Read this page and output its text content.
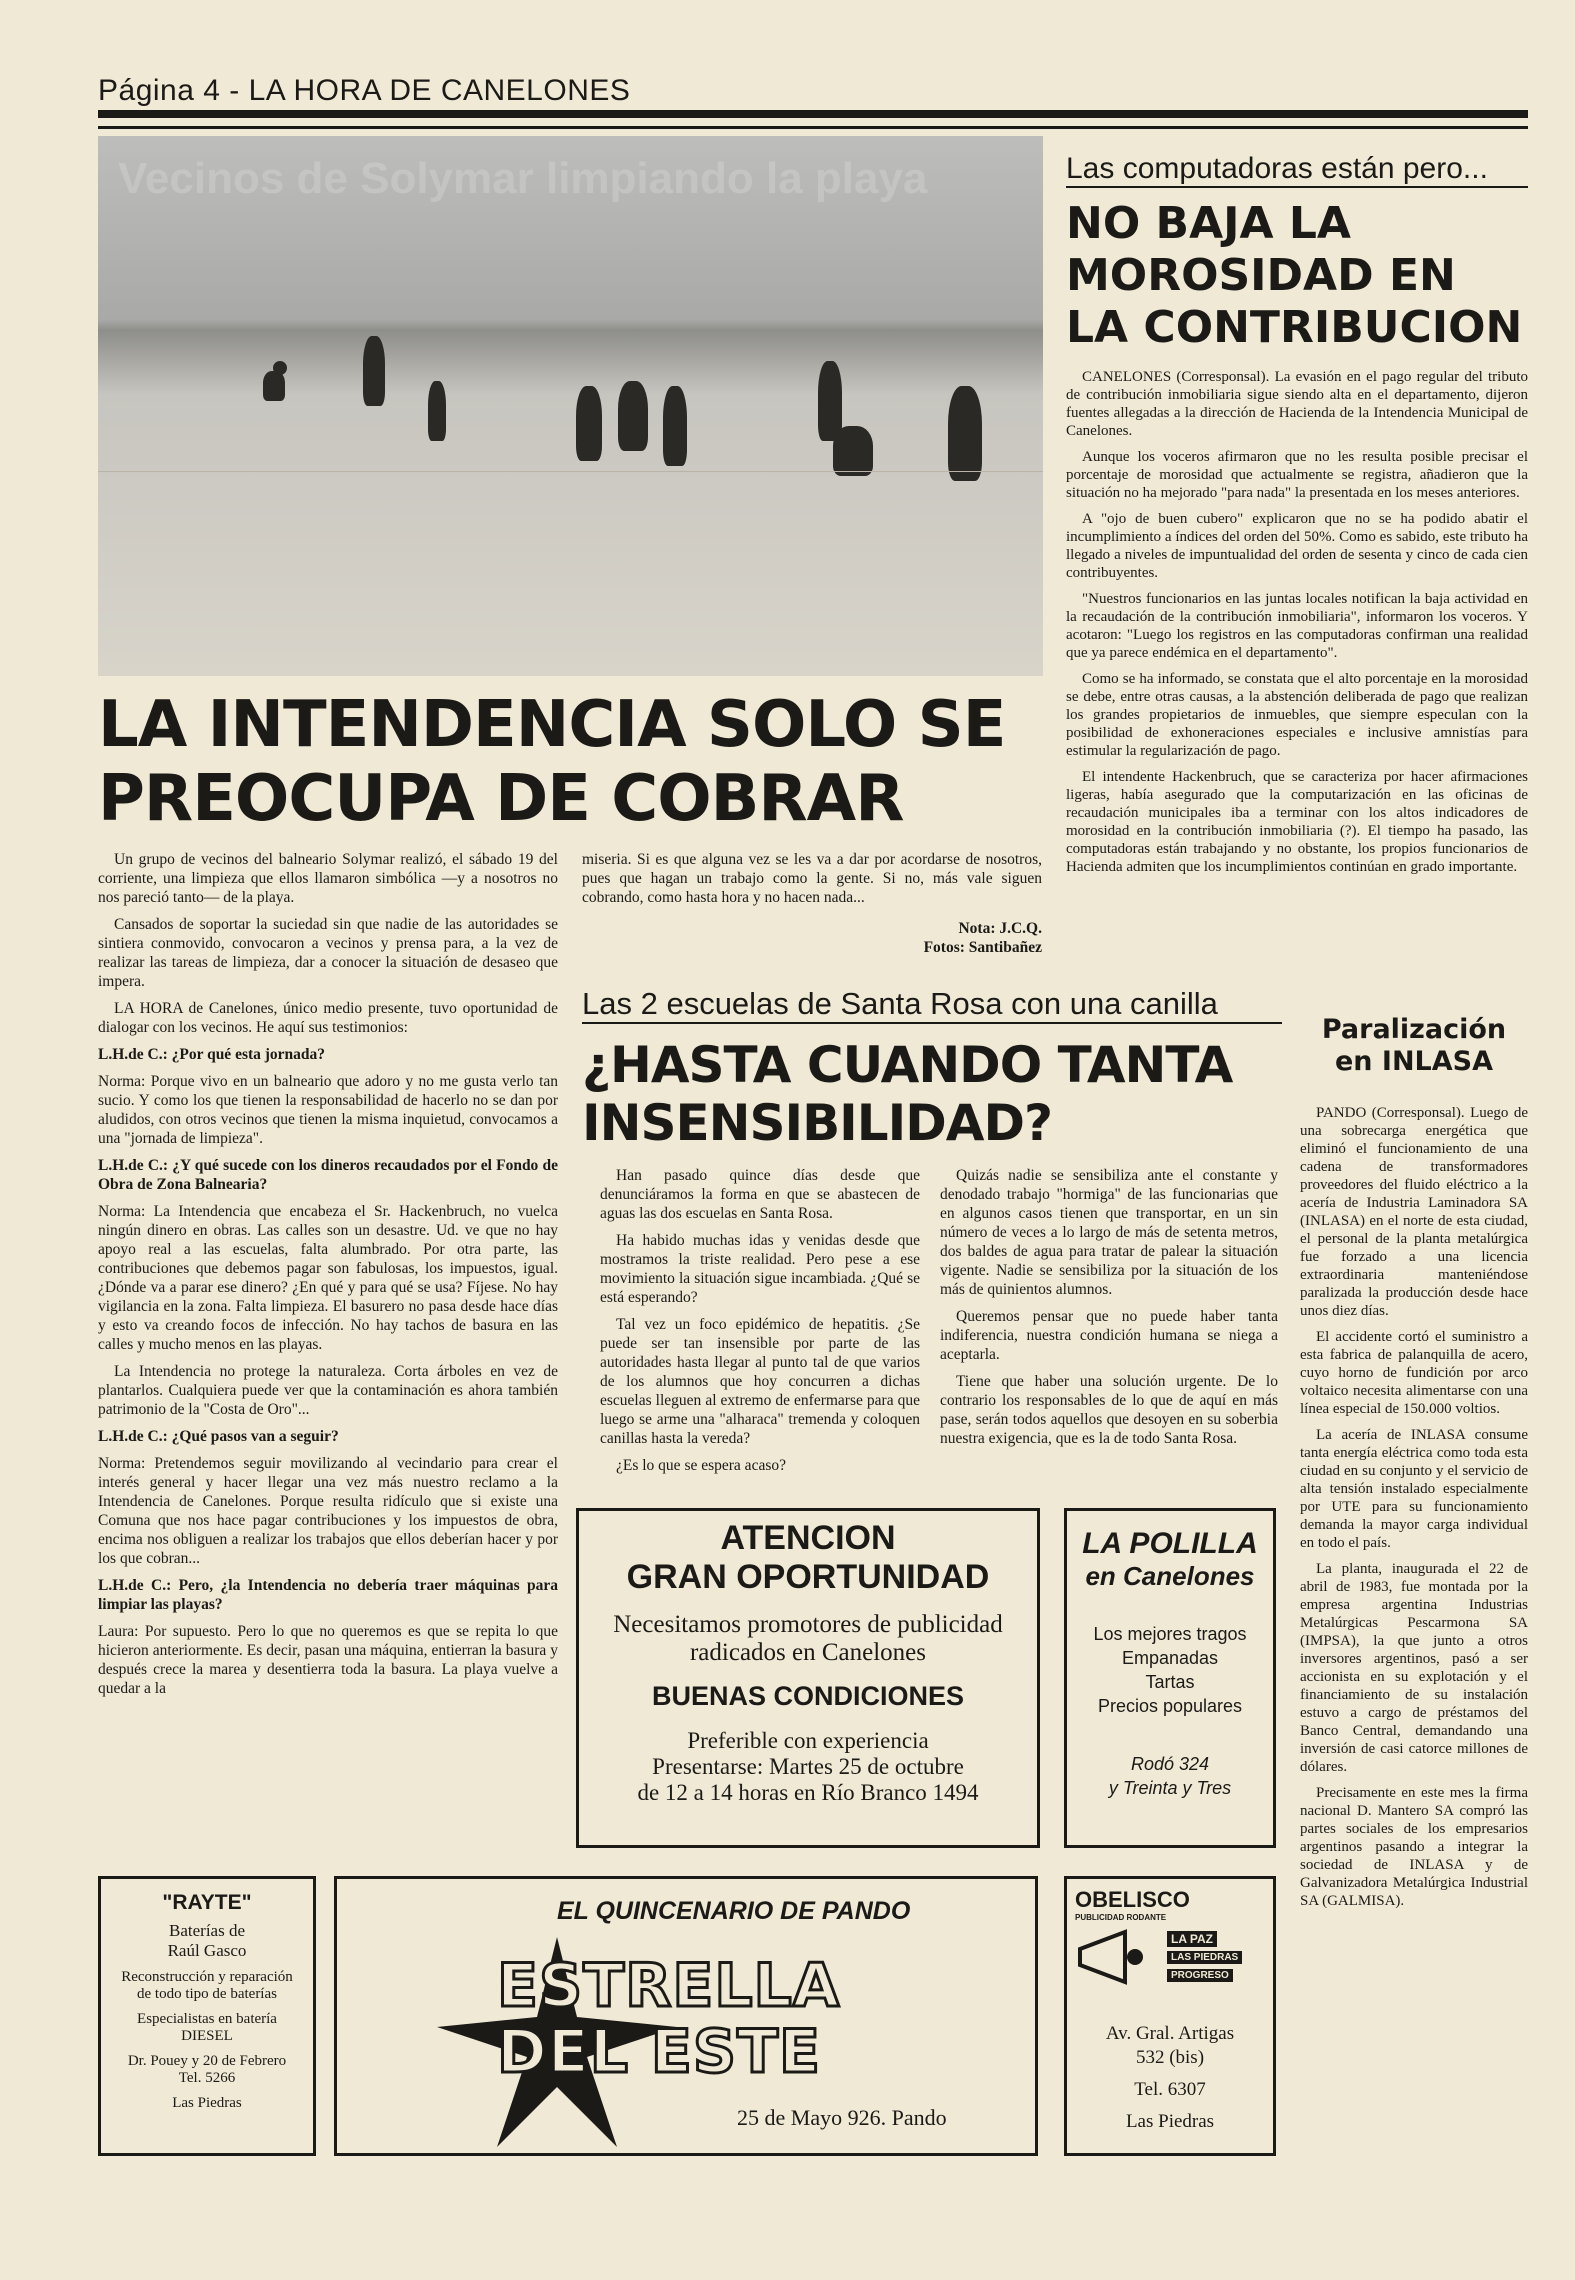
Página 4 - LA HORA DE CANELONES
Vecinos de Solymar limpiando la playa
LA INTENDENCIA SOLO SE PREOCUPA DE COBRAR

Un grupo de vecinos del balneario Solymar realizó, el sábado 19 del corriente, una limpieza que ellos llamaron simbólica —y a nosotros no nos pareció tanto— de la playa.

Cansados de soportar la suciedad sin que nadie de las autoridades se sintiera conmovido, convocaron a vecinos y prensa para, a la vez de realizar las tareas de limpieza, dar a conocer la situación de desaseo que impera.

LA HORA de Canelones, único medio presente, tuvo oportunidad de dialogar con los vecinos. He aquí sus testimonios:

L.H.de C.: ¿Por qué esta jornada?

Norma: Porque vivo en un balneario que adoro y no me gusta verlo tan sucio. Y como los que tienen la responsabilidad de hacerlo no se dan por aludidos, con otros vecinos que tienen la misma inquietud, convocamos a una "jornada de limpieza".

L.H.de C.: ¿Y qué sucede con los dineros recaudados por el Fondo de Obra de Zona Balnearia?

Norma: La Intendencia que encabeza el Sr. Hackenbruch, no vuelca ningún dinero en obras. Las calles son un desastre. Ud. ve que no hay apoyo real a las escuelas, falta alumbrado. Por otra parte, las contribuciones que debemos pagar son fabulosas, los impuestos, igual. ¿Dónde va a parar ese dinero? ¿En qué y para qué se usa? Fíjese. No hay vigilancia en la zona. Falta limpieza. El basurero no pasa desde hace días y esto va creando focos de infección. No hay tachos de basura en las calles y mucho menos en las playas.

La Intendencia no protege la naturaleza. Corta árboles en vez de plantarlos. Cualquiera puede ver que la contaminación es ahora también patrimonio de la "Costa de Oro"...

L.H.de C.: ¿Qué pasos van a seguir?

Norma: Pretendemos seguir movilizando al vecindario para crear el interés general y hacer llegar una vez más nuestro reclamo a la Intendencia de Canelones. Porque resulta ridículo que si existe una Comuna que nos hace pagar contribuciones y los impuestos de obra, encima nos obliguen a realizar los trabajos que ellos deberían hacer y por los que cobran...

L.H.de C.: Pero, ¿la Intendencia no debería traer máquinas para limpiar las playas?

Laura: Por supuesto. Pero lo que no queremos es que se repita lo que hicieron anteriormente. Es decir, pasan una máquina, entierran la basura y después crece la marea y desentierra toda la basura. La playa vuelve a quedar a la

miseria. Si es que alguna vez se les va a dar por acordarse de nosotros, pues que hagan un trabajo como la gente. Si no, más vale siguen cobrando, como hasta hora y no hacen nada...

Nota: J.C.Q.
Fotos: Santibañez
Las computadoras están pero...
NO BAJA LA MOROSIDAD EN LA CONTRIBUCION

CANELONES (Corresponsal). La evasión en el pago regular del tributo de contribución inmobiliaria sigue siendo alta en el departamento, dijeron fuentes allegadas a la dirección de Hacienda de la Intendencia Municipal de Canelones.

Aunque los voceros afirmaron que no les resulta posible precisar el porcentaje de morosidad que actualmente se registra, añadieron que la situación no ha mejorado "para nada" la presentada en los meses anteriores.

A "ojo de buen cubero" explicaron que no se ha podido abatir el incumplimiento a índices del orden del 50%. Como es sabido, este tributo ha llegado a niveles de impuntualidad del orden de sesenta y cinco de cada cien contribuyentes.

"Nuestros funcionarios en las juntas locales notifican la baja actividad en la recaudación de la contribución inmobiliaria", informaron los voceros. Y acotaron: "Luego los registros en las computadoras confirman una realidad que ya parece endémica en el departamento".

Como se ha informado, se constata que el alto porcentaje en la morosidad se debe, entre otras causas, a la abstención deliberada de pago que realizan los grandes propietarios de inmuebles, que siempre especulan con la posibilidad de exhoneraciones especiales e inclusive amnistías para estimular la regularización de pago.

El intendente Hackenbruch, que se caracteriza por hacer afirmaciones ligeras, había asegurado que la computarización en las oficinas de recaudación municipales iba a terminar con los altos indicadores de morosidad en la contribución inmobiliaria (?). El tiempo ha pasado, las computadoras están trabajando y no obstante, los propios funcionarios de Hacienda admiten que los incumplimientos continúan en grado importante.

Las 2 escuelas de Santa Rosa con una canilla
¿HASTA CUANDO TANTA INSENSIBILIDAD?

Han pasado quince días desde que denunciáramos la forma en que se abastecen de aguas las dos escuelas en Santa Rosa.

Ha habido muchas idas y venidas desde que mostramos la triste realidad. Pero pese a ese movimiento la situación sigue incambiada. ¿Qué se está esperando?

Tal vez un foco epidémico de hepatitis. ¿Se puede ser tan insensible por parte de las autoridades hasta llegar al punto tal de que varios de los alumnos que hoy concurren a dichas escuelas lleguen al extremo de enfermarse para que luego se arme una "alharaca" tremenda y coloquen canillas hasta la vereda?

¿Es lo que se espera acaso?

Quizás nadie se sensibiliza ante el constante y denodado trabajo "hormiga" de las funcionarias que en algunos casos tienen que transportar, en un sin número de veces a lo largo de más de setenta metros, dos baldes de agua para tratar de palear la situación vigente. Nadie se sensibiliza por la situación de los más de quinientos alumnos.

Queremos pensar que no puede haber tanta indiferencia, nuestra condición humana se niega a aceptarla.

Tiene que haber una solución urgente. De lo contrario los responsables de lo que de aquí en más pase, serán todos aquellos que desoyen en su soberbia nuestra exigencia, que es la de todo Santa Rosa.

Paralización en INLASA

PANDO (Corresponsal). Luego de una sobrecarga energética que eliminó el funcionamiento de una cadena de transformadores proveedores del fluido eléctrico a la acería de Industria Laminadora SA (INLASA) en el norte de esta ciudad, el personal de la planta metalúrgica fue forzado a una licencia extraordinaria manteniéndose paralizada la producción desde hace unos diez días.

El accidente cortó el suministro a esta fabrica de palanquilla de acero, cuyo horno de fundición por arco voltaico necesita alimentarse con una línea especial de 150.000 voltios.

La acería de INLASA consume tanta energía eléctrica como toda esta ciudad en su conjunto y el servicio de alta tensión instalado especialmente por UTE para su funcionamiento demanda la mayor carga individual en todo el país.

La planta, inaugurada el 22 de abril de 1983, fue montada por la empresa argentina Industrias Metalúrgicas Pescarmona SA (IMPSA), la que junto a otros inversores argentinos, pasó a ser accionista en su explotación y el financiamiento de su instalación estuvo a cargo de préstamos del Banco Central, demandando una inversión de casi catorce millones de dólares.

Precisamente en este mes la firma nacional D. Mantero SA compró las partes sociales de los empresarios argentinos pasando a integrar la sociedad de INLASA y de Galvanizadora Metalúrgica Industrial SA (GALMISA).

ATENCION
GRAN OPORTUNIDAD
Necesitamos promotores de publicidad
radicados en Canelones
BUENAS CONDICIONES
Preferible con experiencia
Presentarse: Martes 25 de octubre
de 12 a 14 horas en Río Branco 1494
LA POLILLA
en Canelones
Los mejores tragos
Empanadas
Tartas
Precios populares
Rodó 324
y Treinta y Tres
"RAYTE"
Baterías de
Raúl Gasco
Reconstrucción y reparación
de todo tipo de baterías
Especialistas en batería
DIESEL
Dr. Pouey y 20 de Febrero
Tel. 5266
Las Piedras
EL QUINCENARIO DE PANDO
ESTRELLA
DEL ESTE
25 de Mayo 926. Pando
OBELISCO
PUBLICIDAD RODANTE
LA PAZ
LAS PIEDRAS
PROGRESO
Av. Gral. Artigas
532 (bis)
Tel. 6307
Las Piedras
